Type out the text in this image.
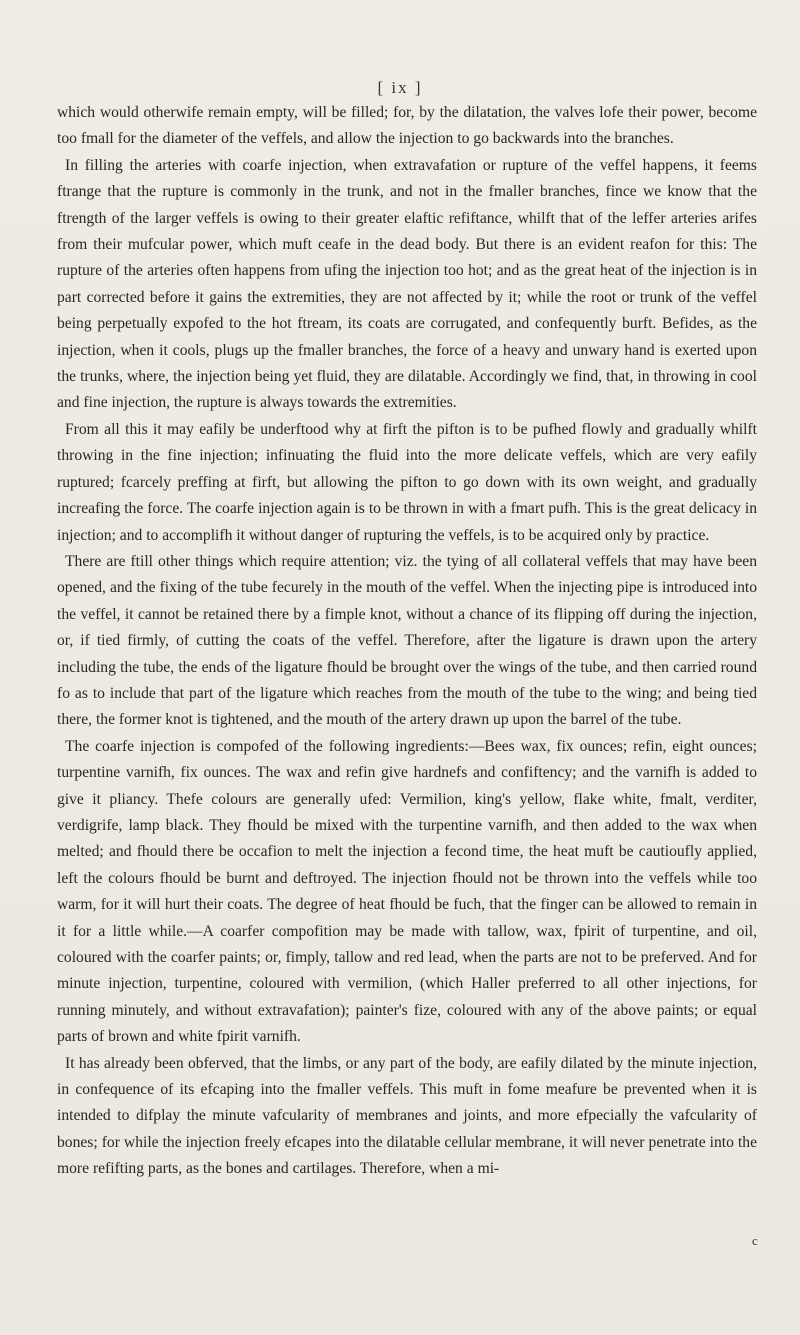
[ ix ]

which would otherwife remain empty, will be filled; for, by the dilatation, the valves lofe their power, become too fmall for the diameter of the veffels, and allow the injection to go backwards into the branches.

In filling the arteries with coarfe injection, when extravafation or rupture of the veffel happens, it feems ftrange that the rupture is commonly in the trunk, and not in the fmaller branches, fince we know that the ftrength of the larger veffels is owing to their greater elaftic refiftance, whilft that of the leffer arteries arifes from their mufcular power, which muft ceafe in the dead body. But there is an evident reafon for this: The rupture of the arteries often happens from ufing the injection too hot; and as the great heat of the injection is in part corrected before it gains the extremities, they are not affected by it; while the root or trunk of the veffel being perpetually expofed to the hot ftream, its coats are corrugated, and confequently burft. Befides, as the injection, when it cools, plugs up the fmaller branches, the force of a heavy and unwary hand is exerted upon the trunks, where, the injection being yet fluid, they are dilatable. Accordingly we find, that, in throwing in cool and fine injection, the rupture is always towards the extremities.

From all this it may eafily be underftood why at firft the pifton is to be pufhed flowly and gradually whilft throwing in the fine injection; infinuating the fluid into the more delicate veffels, which are very eafily ruptured; fcarcely preffing at firft, but allowing the pifton to go down with its own weight, and gradually increafing the force. The coarfe injection again is to be thrown in with a fmart pufh. This is the great delicacy in injection; and to accomplifh it without danger of rupturing the veffels, is to be acquired only by practice.

There are ftill other things which require attention; viz. the tying of all collateral veffels that may have been opened, and the fixing of the tube fecurely in the mouth of the veffel. When the injecting pipe is introduced into the veffel, it cannot be retained there by a fimple knot, without a chance of its flipping off during the injection, or, if tied firmly, of cutting the coats of the veffel. Therefore, after the ligature is drawn upon the artery including the tube, the ends of the ligature fhould be brought over the wings of the tube, and then carried round fo as to include that part of the ligature which reaches from the mouth of the tube to the wing; and being tied there, the former knot is tightened, and the mouth of the artery drawn up upon the barrel of the tube.

The coarfe injection is compofed of the following ingredients:—Bees wax, fix ounces; refin, eight ounces; turpentine varnifh, fix ounces. The wax and refin give hardnefs and confiftency; and the varnifh is added to give it pliancy. Thefe colours are generally ufed: Vermilion, king's yellow, flake white, fmalt, verditer, verdigrife, lamp black. They fhould be mixed with the turpentine varnifh, and then added to the wax when melted; and fhould there be occafion to melt the injection a fecond time, the heat muft be cautioufly applied, left the colours fhould be burnt and deftroyed. The injection fhould not be thrown into the veffels while too warm, for it will hurt their coats. The degree of heat fhould be fuch, that the finger can be allowed to remain in it for a little while.—A coarfer compofition may be made with tallow, wax, fpirit of turpentine, and oil, coloured with the coarfer paints; or, fimply, tallow and red lead, when the parts are not to be preferved. And for minute injection, turpentine, coloured with vermilion, (which Haller preferred to all other injections, for running minutely, and without extravafation); painter's fize, coloured with any of the above paints; or equal parts of brown and white fpirit varnifh.

It has already been obferved, that the limbs, or any part of the body, are eafily dilated by the minute injection, in confequence of its efcaping into the fmaller veffels. This muft in fome meafure be prevented when it is intended to difplay the minute vafcularity of membranes and joints, and more efpecially the vafcularity of bones; for while the injection freely efcapes into the dilatable cellular membrane, it will never penetrate into the more refifting parts, as the bones and cartilages. Therefore, when a mi-

c
